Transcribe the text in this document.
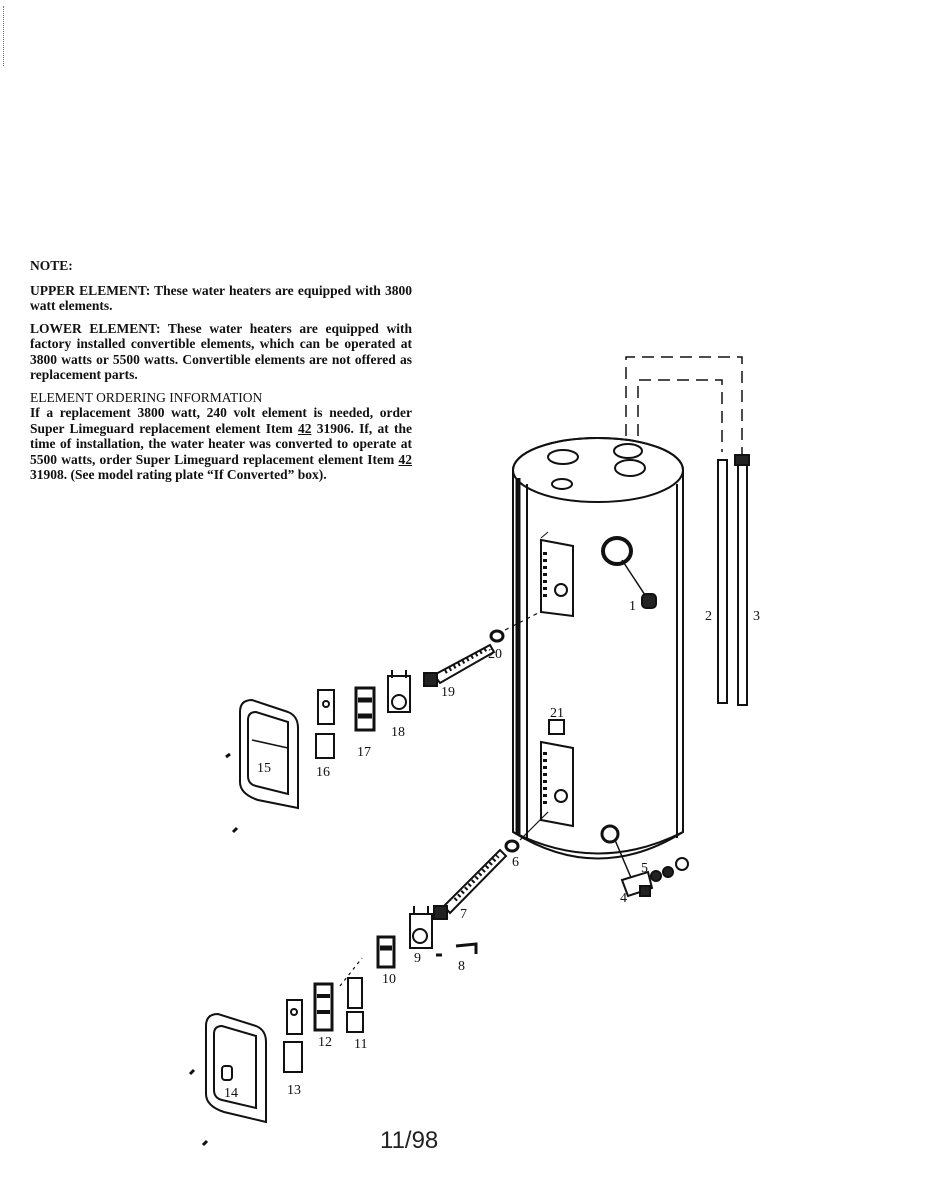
NOTE:

UPPER ELEMENT: These water heaters are equipped with 3800 watt elements.

LOWER ELEMENT: These water heaters are equipped with factory installed convertible elements, which can be operated at 3800 watts or 5500 watts. Convertible elements are not offered as replacement parts.

ELEMENT ORDERING INFORMATION

If a replacement 3800 watt, 240 volt element is needed, order Super Limeguard replacement element Item 42 31906. If, at the time of installation, the water heater was converted to operate at 5500 watts, order Super Limeguard replacement element Item 42 31908. (See model rating plate “If Converted” box).

1
2	3
4
5
6
7
8
9
10
11
12
13
14
15	16
17
18
19
20
21
11/98
